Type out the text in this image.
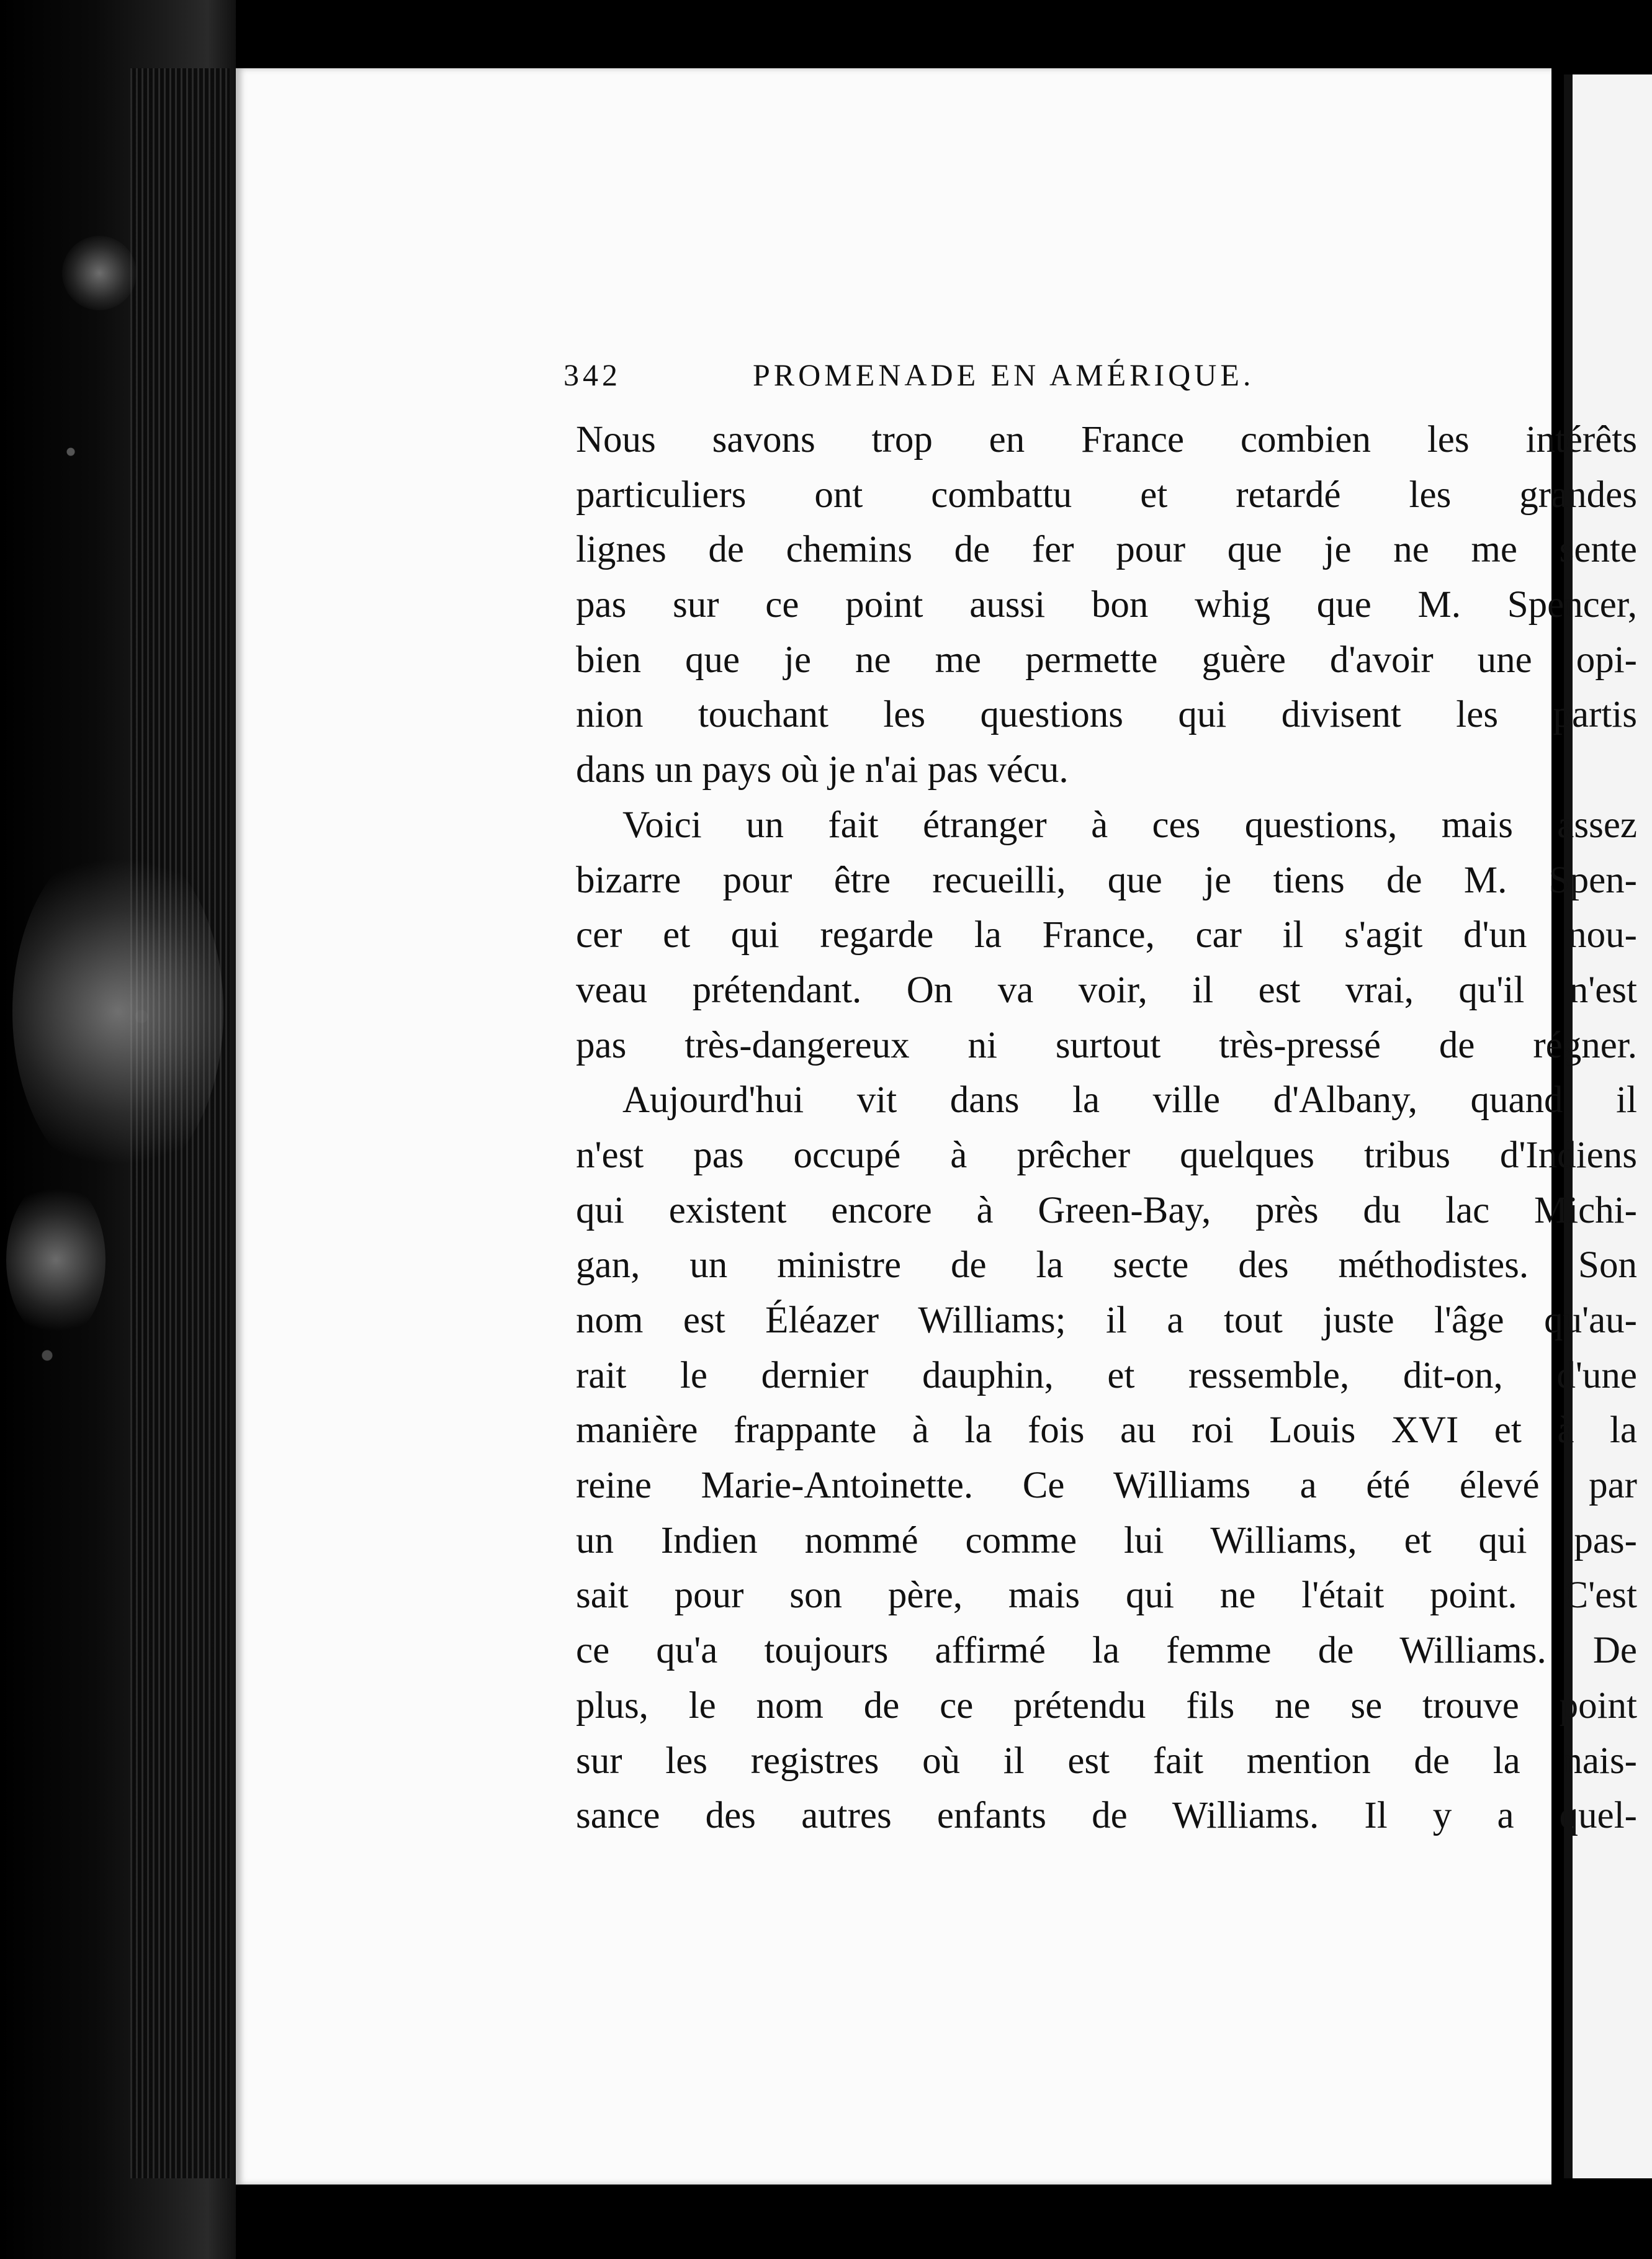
342	PROMENADE EN AMÉRIQUE.
Nous savons trop en France combien les intérêts
particuliers ont combattu et retardé les grandes
lignes de chemins de fer pour que je ne me sente
pas sur ce point aussi bon whig que M. Spencer,
bien que je ne me permette guère d'avoir une opi-
nion touchant les questions qui divisent les partis
dans un pays où je n'ai pas vécu.
Voici un fait étranger à ces questions, mais assez
bizarre pour être recueilli, que je tiens de M. Spen-
cer et qui regarde la France, car il s'agit d'un nou-
veau prétendant. On va voir, il est vrai, qu'il n'est
pas très-dangereux ni surtout très-pressé de régner.
Aujourd'hui vit dans la ville d'Albany, quand il
n'est pas occupé à prêcher quelques tribus d'Indiens
qui existent encore à Green-Bay, près du lac Michi-
gan, un ministre de la secte des méthodistes. Son
nom est Éléazer Williams; il a tout juste l'âge qu'au-
rait le dernier dauphin, et ressemble, dit-on, d'une
manière frappante à la fois au roi Louis XVI et à la
reine Marie-Antoinette. Ce Williams a été élevé par
un Indien nommé comme lui Williams, et qui pas-
sait pour son père, mais qui ne l'était point. C'est
ce qu'a toujours affirmé la femme de Williams. De
plus, le nom de ce prétendu fils ne se trouve point
sur les registres où il est fait mention de la nais-
sance des autres enfants de Williams. Il y a quel-
